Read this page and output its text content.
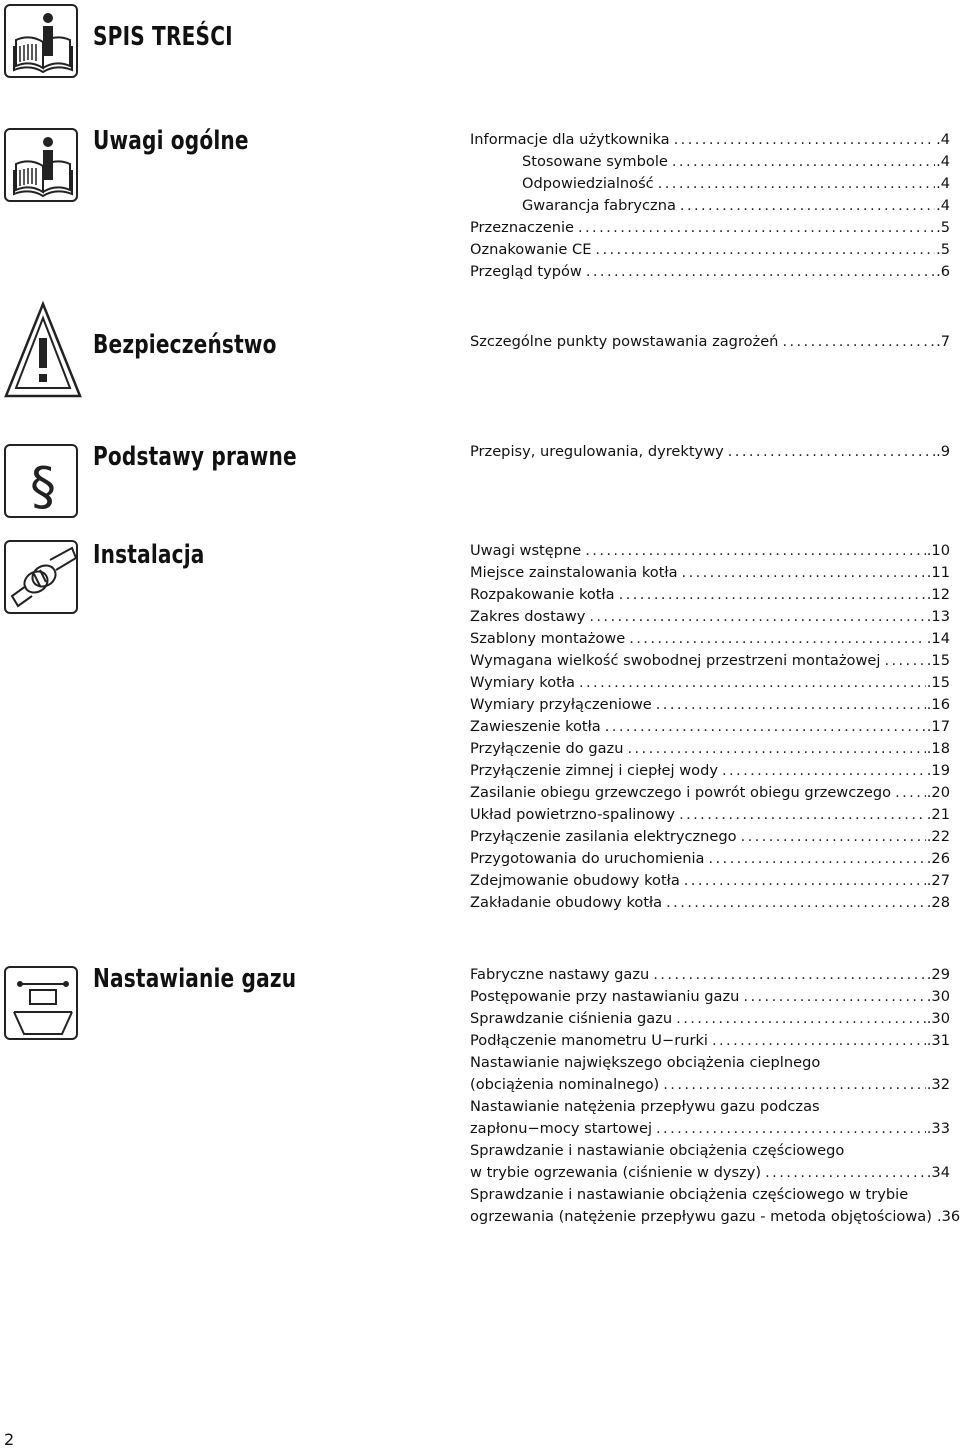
SPIS TREŚCI
Uwagi ogólne	Informacje dla użytkownika .....	.4
Stosowane symbole .....	.4
Odpowiedzialność .....	.4
Gwarancja fabryczna .....	.4
Przeznaczenie .....	.5
Oznakowanie CE .....	.5
Przegląd typów .....	.6
Bezpieczeństwo	Szczególne punkty powstawania zagrożeń .....	.7
§ Podstawy prawne	Przepisy, uregulowania, dyrektywy .....	.9
Instalacja	Uwagi wstępne .....	.10
Miejsce zainstalowania kotła .....	.11
Rozpakowanie kotła .....	.12
Zakres dostawy .....	.13
Szablony montażowe .....	.14
Wymagana wielkość swobodnej przestrzeni montażowej .....	.15
Wymiary kotła .....	.15
Wymiary przyłączeniowe .....	.16
Zawieszenie kotła .....	.17
Przyłączenie do gazu .....	.18
Przyłączenie zimnej i ciepłej wody .....	.19
Zasilanie obiegu grzewczego i powrót obiegu grzewczego ..... .20
Układ powietrzno-spalinowy .....	.21
Przyłączenie zasilania elektrycznego .....	.22
Przygotowania do uruchomienia .....	.26
Zdejmowanie obudowy kotła .....	.27
Zakładanie obudowy kotła .....	.28
Nastawianie gazu	Fabryczne nastawy gazu .....	.29
Postępowanie przy nastawianiu gazu .....	.30
Sprawdzanie ciśnienia gazu .....	.30
Podłączenie manometru U−rurki .....	.31
Nastawianie największego obciążenia cieplnego
(obciążenia nominalnego) .....	.32
Nastawianie natężenia przepływu gazu podczas
zapłonu−mocy startowej .....	.33
Sprawdzanie i nastawianie obciążenia częściowego
w trybie ogrzewania (ciśnienie w dyszy) .....	.34
Sprawdzanie i nastawianie obciążenia częściowego w trybie
ogrzewania (natężenie przepływu gazu - metoda objętościowa) .36
2
